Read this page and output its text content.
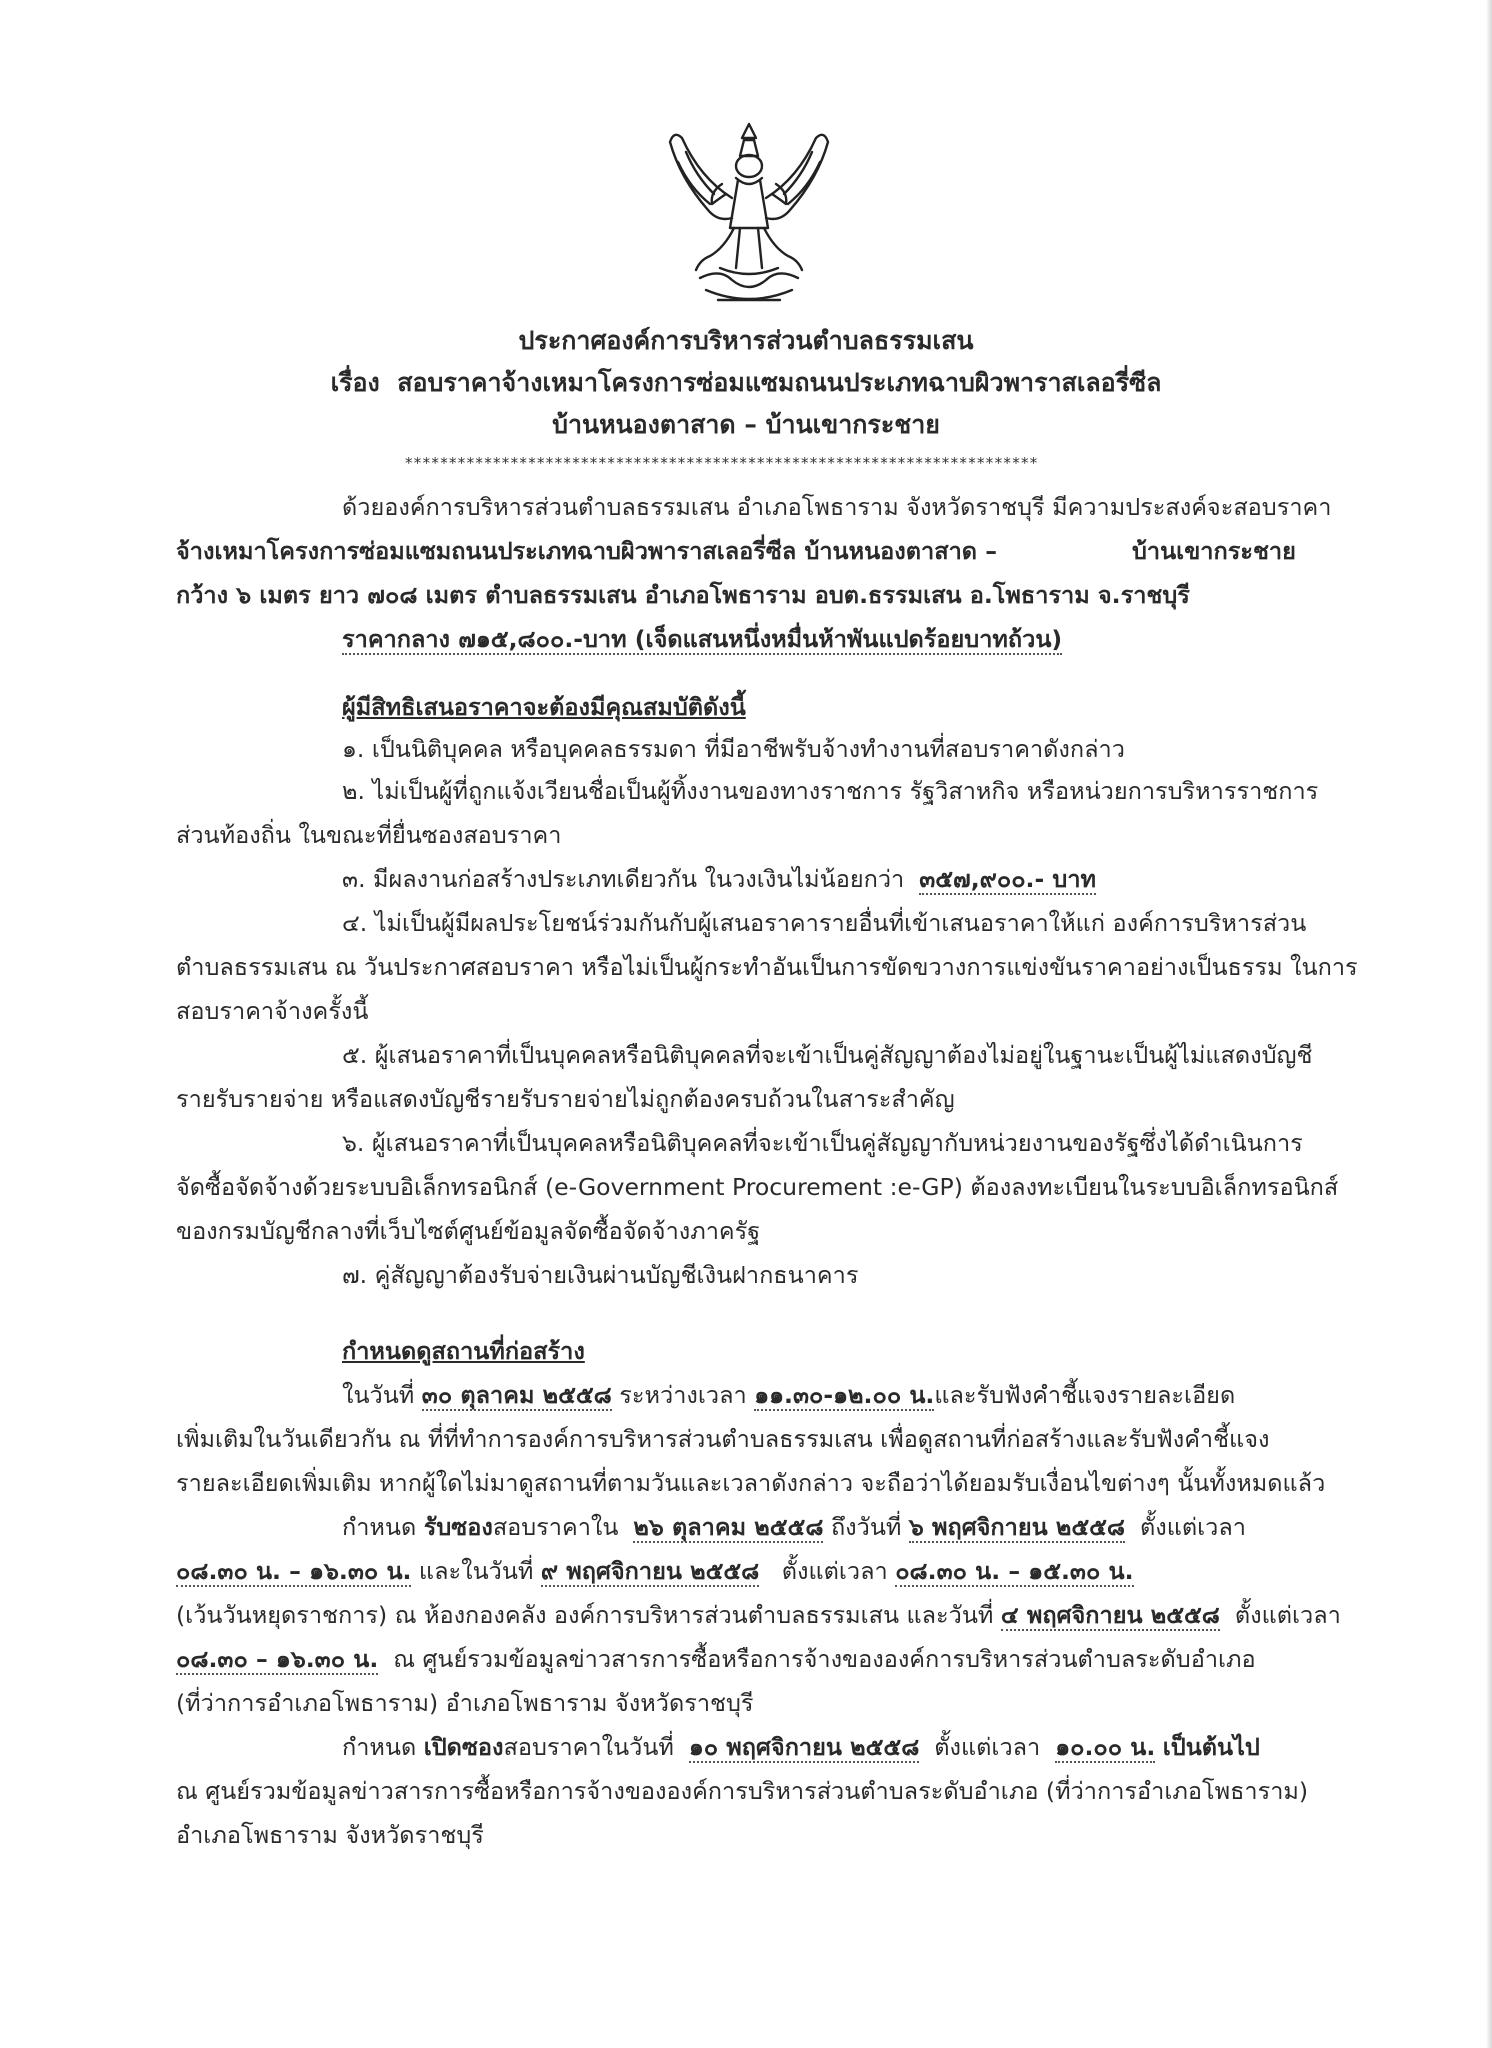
ประกาศองค์การบริหารส่วนตำบลธรรมเสน
เรื่อง สอบราคาจ้างเหมาโครงการซ่อมแซมถนนประเภทฉาบผิวพาราสเลอรี่ซีล
บ้านหนองตาสาด – บ้านเขากระชาย
************************************************************************
ด้วยองค์การบริหารส่วนตำบลธรรมเสน อำเภอโพธาราม จังหวัดราชบุรี มีความประสงค์จะสอบราคา
จ้างเหมาโครงการซ่อมแซมถนนประเภทฉาบผิวพาราสเลอรี่ซีล บ้านหนองตาสาด –	บ้านเขากระชาย
กว้าง ๖ เมตร ยาว ๗๐๘ เมตร ตำบลธรรมเสน อำเภอโพธาราม อบต.ธรรมเสน อ.โพธาราม จ.ราชบุรี
ราคากลาง ๗๑๕,๘๐๐.-บาท (เจ็ดแสนหนึ่งหมื่นห้าพันแปดร้อยบาทถ้วน)
ผู้มีสิทธิเสนอราคาจะต้องมีคุณสมบัติดังนี้
๑. เป็นนิติบุคคล หรือบุคคลธรรมดา ที่มีอาชีพรับจ้างทำงานที่สอบราคาดังกล่าว
๒. ไม่เป็นผู้ที่ถูกแจ้งเวียนชื่อเป็นผู้ทิ้งงานของทางราชการ รัฐวิสาหกิจ หรือหน่วยการบริหารราชการ
ส่วนท้องถิ่น ในขณะที่ยื่นซองสอบราคา
๓. มีผลงานก่อสร้างประเภทเดียวกัน ในวงเงินไม่น้อยกว่า ๓๕๗,๙๐๐.- บาท
๔. ไม่เป็นผู้มีผลประโยชน์ร่วมกันกับผู้เสนอราคารายอื่นที่เข้าเสนอราคาให้แก่ องค์การบริหารส่วน
ตำบลธรรมเสน ณ วันประกาศสอบราคา หรือไม่เป็นผู้กระทำอันเป็นการขัดขวางการแข่งขันราคาอย่างเป็นธรรม ในการ
สอบราคาจ้างครั้งนี้
๕. ผู้เสนอราคาที่เป็นบุคคลหรือนิติบุคคลที่จะเข้าเป็นคู่สัญญาต้องไม่อยู่ในฐานะเป็นผู้ไม่แสดงบัญชี
รายรับรายจ่าย หรือแสดงบัญชีรายรับรายจ่ายไม่ถูกต้องครบถ้วนในสาระสำคัญ
๖. ผู้เสนอราคาที่เป็นบุคคลหรือนิติบุคคลที่จะเข้าเป็นคู่สัญญากับหน่วยงานของรัฐซึ่งได้ดำเนินการ
จัดซื้อจัดจ้างด้วยระบบอิเล็กทรอนิกส์ (e-Government Procurement :e-GP) ต้องลงทะเบียนในระบบอิเล็กทรอนิกส์
ของกรมบัญชีกลางที่เว็บไซต์ศูนย์ข้อมูลจัดซื้อจัดจ้างภาครัฐ
๗. คู่สัญญาต้องรับจ่ายเงินผ่านบัญชีเงินฝากธนาคาร
กำหนดดูสถานที่ก่อสร้าง
ในวันที่ ๓๐ ตุลาคม ๒๕๕๘ ระหว่างเวลา ๑๑.๓๐-๑๒.๐๐ น.และรับฟังคำชี้แจงรายละเอียด
เพิ่มเติมในวันเดียวกัน ณ ที่ที่ทำการองค์การบริหารส่วนตำบลธรรมเสน เพื่อดูสถานที่ก่อสร้างและรับฟังคำชี้แจง
รายละเอียดเพิ่มเติม หากผู้ใดไม่มาดูสถานที่ตามวันและเวลาดังกล่าว จะถือว่าได้ยอมรับเงื่อนไขต่างๆ นั้นทั้งหมดแล้ว
กำหนด รับซองสอบราคาใน ๒๖ ตุลาคม ๒๕๕๘ ถึงวันที่ ๖ พฤศจิกายน ๒๕๕๘ ตั้งแต่เวลา
๐๘.๓๐ น. – ๑๖.๓๐ น. และในวันที่ ๙ พฤศจิกายน ๒๕๕๘ ตั้งแต่เวลา ๐๘.๓๐ น. – ๑๕.๓๐ น.
(เว้นวันหยุดราชการ) ณ ห้องกองคลัง องค์การบริหารส่วนตำบลธรรมเสน และวันที่ ๔ พฤศจิกายน ๒๕๕๘ ตั้งแต่เวลา
๐๘.๓๐ – ๑๖.๓๐ น. ณ ศูนย์รวมข้อมูลข่าวสารการซื้อหรือการจ้างขององค์การบริหารส่วนตำบลระดับอำเภอ
(ที่ว่าการอำเภอโพธาราม) อำเภอโพธาราม จังหวัดราชบุรี
กำหนด เปิดซองสอบราคาในวันที่ ๑๐ พฤศจิกายน ๒๕๕๘ ตั้งแต่เวลา ๑๐.๐๐ น. เป็นต้นไป
ณ ศูนย์รวมข้อมูลข่าวสารการซื้อหรือการจ้างขององค์การบริหารส่วนตำบลระดับอำเภอ (ที่ว่าการอำเภอโพธาราม)
อำเภอโพธาราม จังหวัดราชบุรี
